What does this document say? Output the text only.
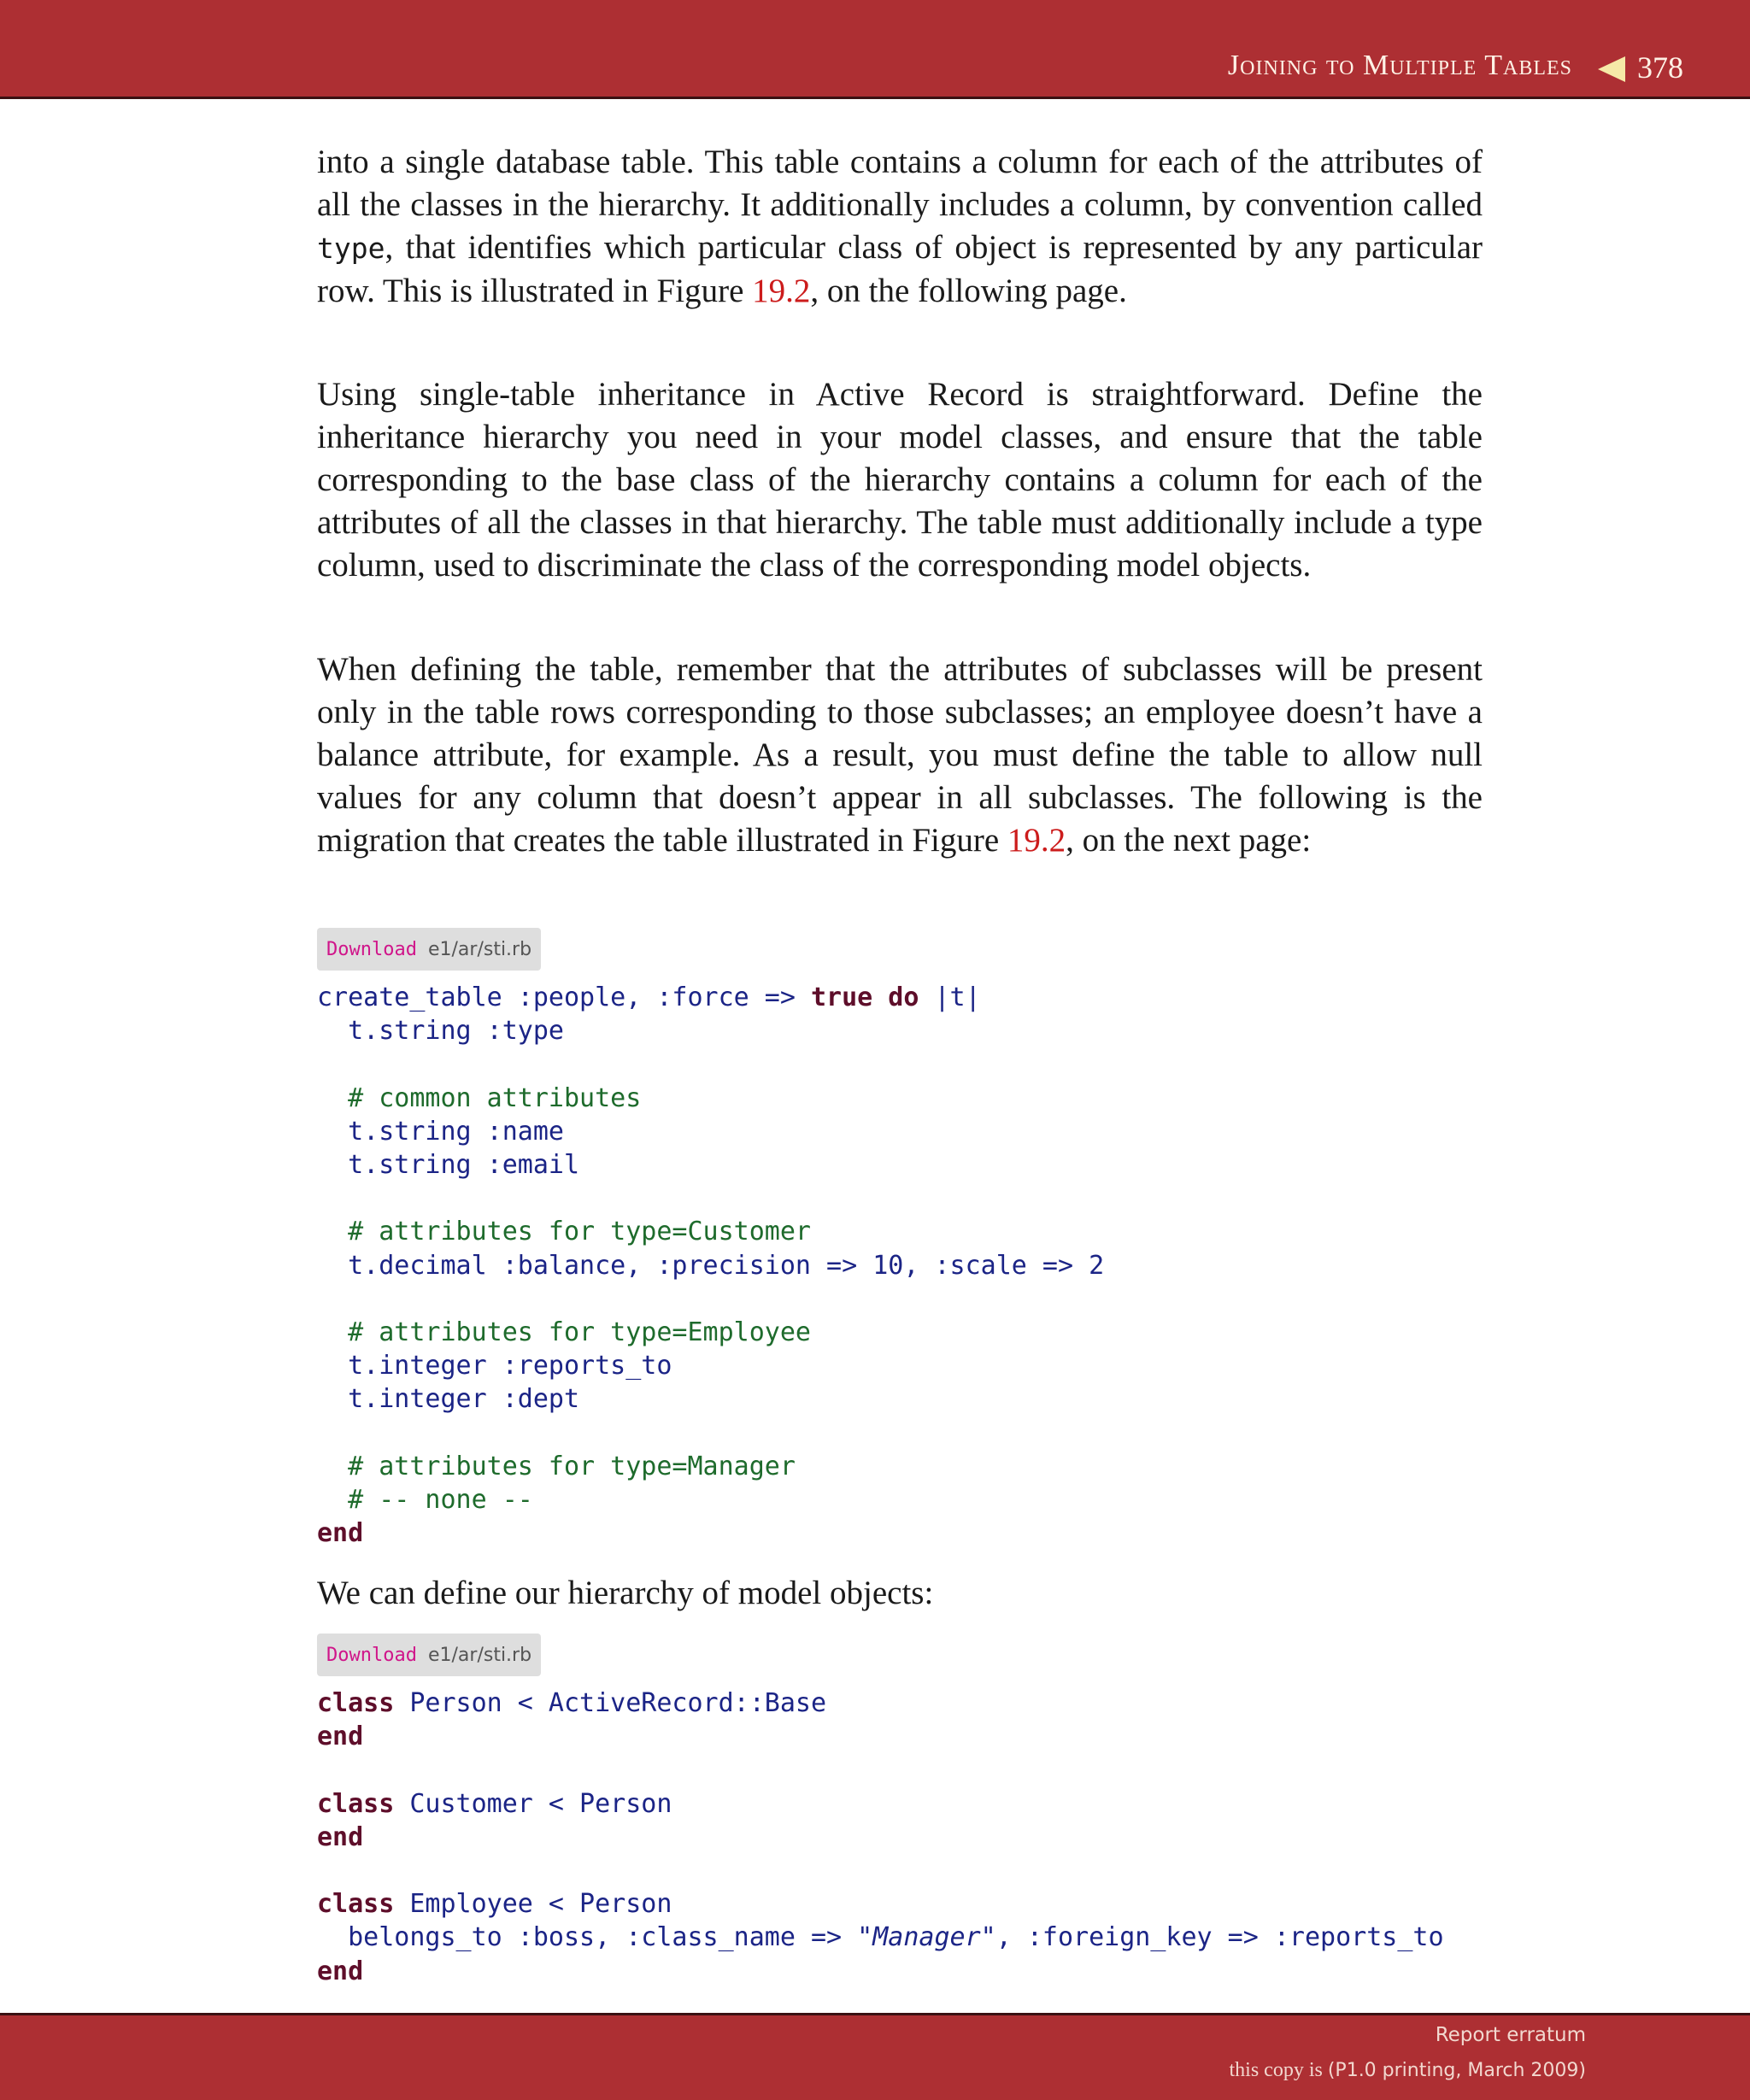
Joining to Multiple Tables 378

into a single database table. This table contains a column for each of the attributes of all the classes in the hierarchy. It additionally includes a column, by convention called type, that identifies which particular class of object is represented by any particular row. This is illustrated in Figure 19.2, on the following page.

Using single-table inheritance in Active Record is straightforward. Define the inheritance hierarchy you need in your model classes, and ensure that the table corresponding to the base class of the hierarchy contains a column for each of the attributes of all the classes in that hierarchy. The table must additionally include a type column, used to discriminate the class of the corresponding model objects.

When defining the table, remember that the attributes of subclasses will be present only in the table rows corresponding to those subclasses; an employee doesn’t have a balance attribute, for example. As a result, you must define the table to allow null values for any column that doesn’t appear in all subclasses. The following is the migration that creates the table illustrated in Figure 19.2, on the next page:

Download e1/ar/sti.rb
create_table :people, :force => true do |t|
t.string :type

# common attributes
t.string :name
t.string :email

# attributes for type=Customer
t.decimal :balance, :precision => 10, :scale => 2

# attributes for type=Employee
t.integer :reports_to
t.integer :dept

# attributes for type=Manager
# -- none --
end

We can define our hierarchy of model objects:

Download e1/ar/sti.rb
class Person < ActiveRecord::Base
end

class Customer < Person
end

class Employee < Person
belongs_to :boss, :class_name => "Manager", :foreign_key => :reports_to
end
Report erratum
this copy is (P1.0 printing, March 2009)
